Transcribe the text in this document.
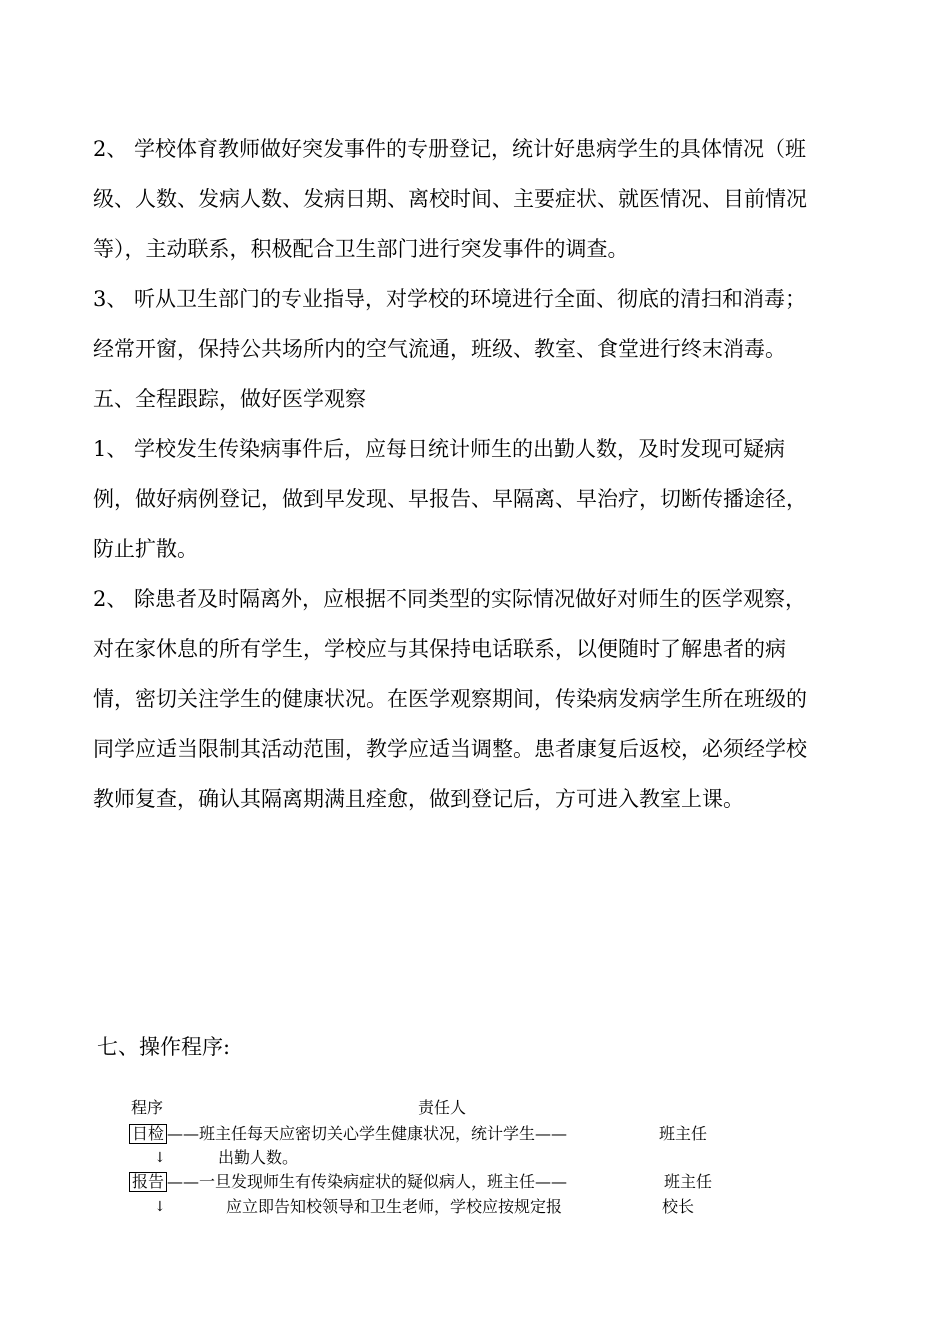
2、 学校体育教师做好突发事件的专册登记，统计好患病学生的具体情况（班
级、人数、发病人数、发病日期、离校时间、主要症状、就医情况、目前情况
等），主动联系，积极配合卫生部门进行突发事件的调查。
3、 听从卫生部门的专业指导，对学校的环境进行全面、彻底的清扫和消毒；
经常开窗，保持公共场所内的空气流通，班级、教室、食堂进行终末消毒。
五、全程跟踪，做好医学观察
1、 学校发生传染病事件后，应每日统计师生的出勤人数，及时发现可疑病
例，做好病例登记，做到早发现、早报告、早隔离、早治疗，切断传播途径，
防止扩散。
2、 除患者及时隔离外，应根据不同类型的实际情况做好对师生的医学观察，
对在家休息的所有学生，学校应与其保持电话联系，以便随时了解患者的病
情，密切关注学生的健康状况。在医学观察期间，传染病发病学生所在班级的
同学应适当限制其活动范围，教学应适当调整。患者康复后返校，必须经学校
教师复查，确认其隔离期满且痊愈，做到登记后，方可进入教室上课。
七、操作程序:
程序	责任人
日检 ——班主任每天应密切关心学生健康状况，统计学生——	班主任
出勤人数。
↓
报告 ——一旦发现师生有传染病症状的疑似病人，班主任——	班主任
应立即告知校领导和卫生老师，学校应按规定报	校长
↓
